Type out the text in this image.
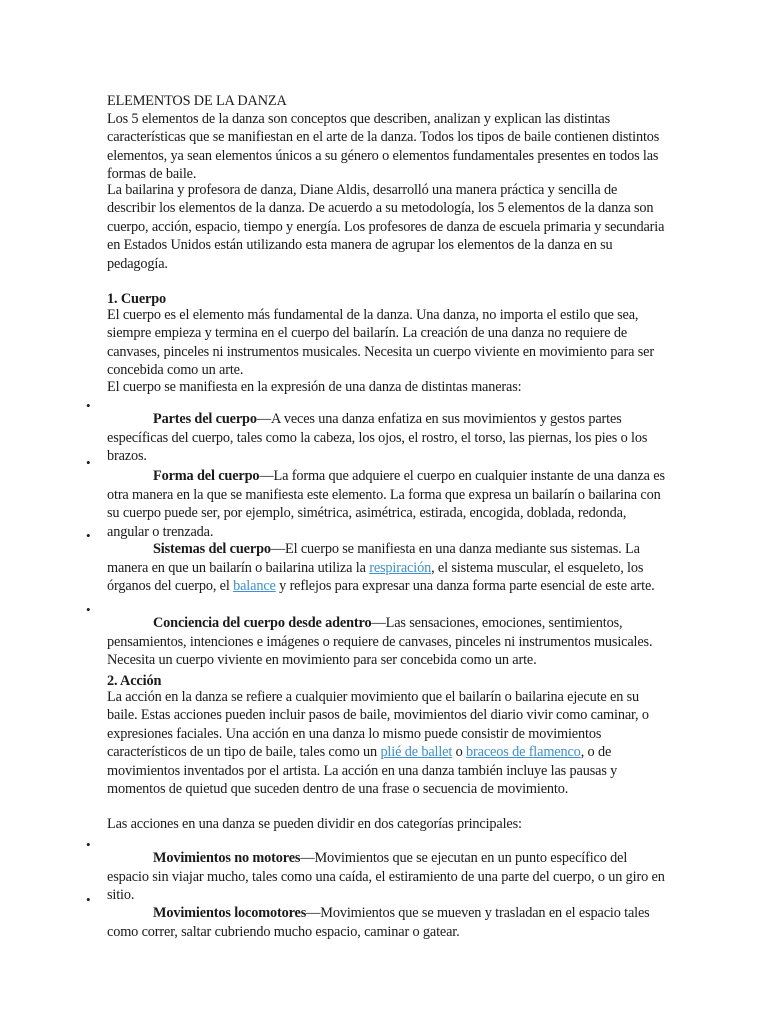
ELEMENTOS DE LA DANZA

Los 5 elementos de la danza son conceptos que describen, analizan y explican las distintas características que se manifiestan en el arte de la danza. Todos los tipos de baile contienen distintos elementos, ya sean elementos únicos a su género o elementos fundamentales presentes en todos las formas de baile.

La bailarina y profesora de danza, Diane Aldis, desarrolló una manera práctica y sencilla de describir los elementos de la danza. De acuerdo a su metodología, los 5 elementos de la danza son cuerpo, acción, espacio, tiempo y energía. Los profesores de danza de escuela primaria y secundaria en Estados Unidos están utilizando esta manera de agrupar los elementos de la danza en su pedagogía.

1. Cuerpo

El cuerpo es el elemento más fundamental de la danza. Una danza, no importa el estilo que sea, siempre empieza y termina en el cuerpo del bailarín. La creación de una danza no requiere de canvases, pinceles ni instrumentos musicales. Necesita un cuerpo viviente en movimiento para ser concebida como un arte.

El cuerpo se manifiesta en la expresión de una danza de distintas maneras:

•

Partes del cuerpo—A veces una danza enfatiza en sus movimientos y gestos partes específicas del cuerpo, tales como la cabeza, los ojos, el rostro, el torso, las piernas, los pies o los brazos.

•

Forma del cuerpo—La forma que adquiere el cuerpo en cualquier instante de una danza es otra manera en la que se manifiesta este elemento. La forma que expresa un bailarín o bailarina con su cuerpo puede ser, por ejemplo, simétrica, asimétrica, estirada, encogida, doblada, redonda, angular o trenzada.

•

Sistemas del cuerpo—El cuerpo se manifiesta en una danza mediante sus sistemas. La manera en que un bailarín o bailarina utiliza la respiración, el sistema muscular, el esqueleto, los órganos del cuerpo, el balance y reflejos para expresar una danza forma parte esencial de este arte.

•

Conciencia del cuerpo desde adentro—Las sensaciones, emociones, sentimientos, pensamientos, intenciones e imágenes o requiere de canvases, pinceles ni instrumentos musicales. Necesita un cuerpo viviente en movimiento para ser concebida como un arte.

2. Acción

La acción en la danza se refiere a cualquier movimiento que el bailarín o bailarina ejecute en su baile. Estas acciones pueden incluir pasos de baile, movimientos del diario vivir como caminar, o expresiones faciales. Una acción en una danza lo mismo puede consistir de movimientos característicos de un tipo de baile, tales como un plié de ballet o braceos de flamenco, o de movimientos inventados por el artista. La acción en una danza también incluye las pausas y momentos de quietud que suceden dentro de una frase o secuencia de movimiento.

Las acciones en una danza se pueden dividir en dos categorías principales:

•

Movimientos no motores—Movimientos que se ejecutan en un punto específico del espacio sin viajar mucho, tales como una caída, el estiramiento de una parte del cuerpo, o un giro en sitio.

•

Movimientos locomotores—Movimientos que se mueven y trasladan en el espacio tales como correr, saltar cubriendo mucho espacio, caminar o gatear.
